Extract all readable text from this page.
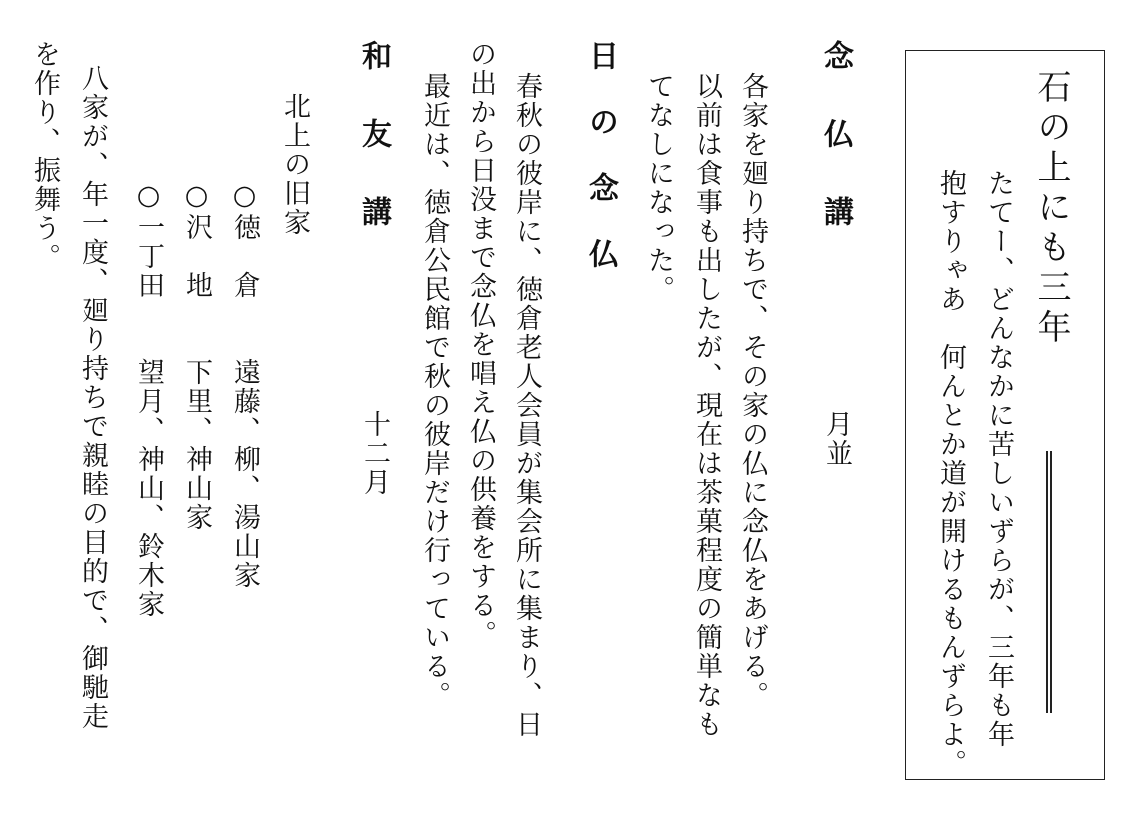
石の上にも三年
たてー、どんなかに苦しいずらが、三年も年
抱すりゃあ　何んとか道が開けるもんずらよ。
念仏講
月並
各家を廻り持ちで、その家の仏に念仏をあげる。
以前は食事も出したが、現在は茶菓程度の簡単なも
てなしになった。
日の念仏
春秋の彼岸に、徳倉老人会員が集会所に集まり、日
の出から日没まで念仏を唱え仏の供養をする。
最近は、徳倉公民館で秋の彼岸だけ行っている。
和友講
十二月
北上の旧家
○徳　倉　　遠藤、柳、湯山家
○沢　地　　下里、神山家
○一丁田　　望月、神山、鈴木家
八家が、年一度、廻り持ちで親睦の目的で、御馳走
を作り、振舞う。
